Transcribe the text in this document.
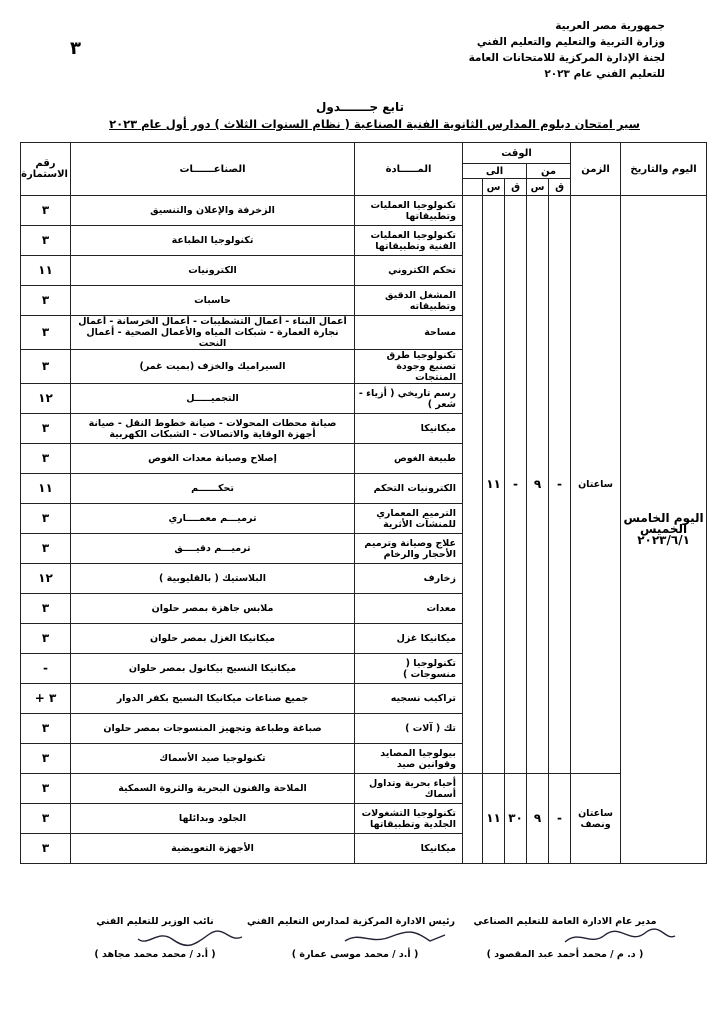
٣
جمهورية مصر العربية
وزارة التربية والتعليم والتعليم الفني
لجنة الإدارة المركزية للامتحانات العامة
للتعليم الفني عام ٢٠٢٣
تابع جـــــــدول
سير امتحان دبلوم المدارس الثانوية الفنية الصناعية ( نظام السنوات الثلاث ) دور أول عام ٢٠٢٣
اليوم والتاريخ	الزمن	الوقت					المـــــادة	الصناعــــــات	رقم الاستمارة
		من		الى					
		ق	س	ق	س				
اليوم الخامس الخميس ٢٠٢٣/٦/١	ساعتان	-	٩	-	١١		تكنولوجيا العمليات وتطبيقاتها	الزخرفة والإعلان والتنسيق	٣
							تكنولوجيا العمليات الفنية وتطبيقاتها	تكنولوجيا الطباعة	٣
							تحكم الكتروني	الكترونيات	١١
							المشغل الدقيق وتطبيقاته	حاسبات	٣
							مساحة	أعمال البناء - أعمال التشطيبات - أعمال الخرسانة - أعمال نجارة العمارة - شبكات المياه والأعمال الصحية - أعمال النحت	٣
							تكنولوجيا طرق تصنيع وجودة المنتجات	السيراميك والخزف (بميت غمر)	٣
							رسم تاريخي ( أزياء - شعر )	التجميـــــل	١٢
							ميكانيكا	صيانة محطات المحولات - صيانة خطوط النقل - صيانة أجهزة الوقاية والاتصالات - الشبكات الكهربية	٣
							طبيعة الغوص	إصلاح وصيانة معدات الغوص	٣
							الكترونيات التحكم	تحكــــــم	١١
							الترميم المعماري للمنشآت الأثرية	ترميـــم معمــــاري	٣
							علاج وصيانة وترميم الأحجار والرخام	ترميـــم دقيــــق	٣
							زخارف	البلاستيك ( بالقليوبية )	١٢
							معدات	ملابس جاهزة بمصر حلوان	٣
							ميكانيكا غزل	ميكانيكا الغزل بمصر حلوان	٣
							تكنولوجيا ( منسوجات )	ميكانيكا النسيج بيكانول بمصر حلوان	-
							تراكيب نسجيه	جميع صناعات ميكانيكا النسيج بكفر الدوار	٣ +
							تك ( آلات )	صباغة وطباعة وتجهيز المنسوجات بمصر حلوان	٣
							بيولوجيا المصايد وقوانين صيد	تكنولوجيا صيد الأسماك	٣
	ساعتان ونصف	-	٩	٣٠	١١		أحياء بحرية وتداول أسماك	الملاحة والفنون البحرية والثروة السمكية	٣
							تكنولوجيا التشغولات الجلدية وتطبيقاتها	الجلود وبدائلها	٣
							ميكانيكا	الأجهزة التعويضية	٣
مدير عام الادارة العامة للتعليم الصناعي
( د. م / محمد أحمد عبد المقصود )
رئيس الادارة المركزية لمدارس التعليم الفني
( أ.د / محمد موسى عمارة )
نائب الوزير للتعليم الفني
( أ.د / محمد محمد مجاهد )
